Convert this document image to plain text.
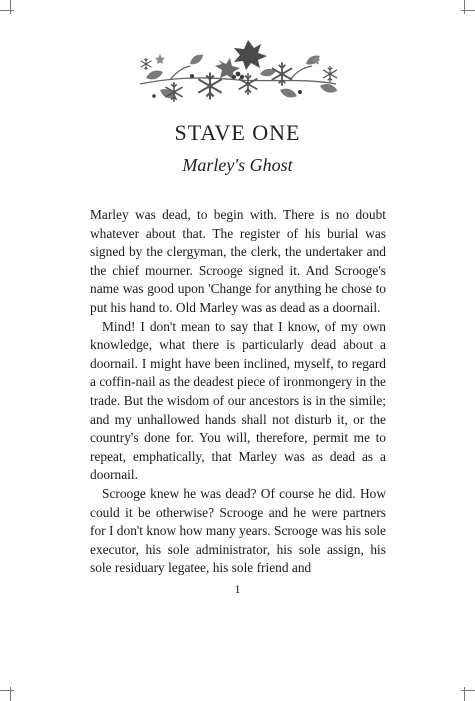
STAVE ONE
Marley's Ghost

Marley was dead, to begin with. There is no doubt whatever about that. The register of his burial was signed by the clergyman, the clerk, the undertaker and the chief mourner. Scrooge signed it. And Scrooge's name was good upon 'Change for anything he chose to put his hand to. Old Marley was as dead as a doornail.

Mind! I don't mean to say that I know, of my own knowledge, what there is particularly dead about a doornail. I might have been inclined, myself, to regard a coffin-nail as the deadest piece of ironmongery in the trade. But the wisdom of our ancestors is in the simile; and my unhallowed hands shall not disturb it, or the country's done for. You will, therefore, permit me to repeat, emphatically, that Marley was as dead as a doornail.

Scrooge knew he was dead? Of course he did. How could it be otherwise? Scrooge and he were partners for I don't know how many years. Scrooge was his sole executor, his sole administrator, his sole assign, his sole residuary legatee, his sole friend and

1
